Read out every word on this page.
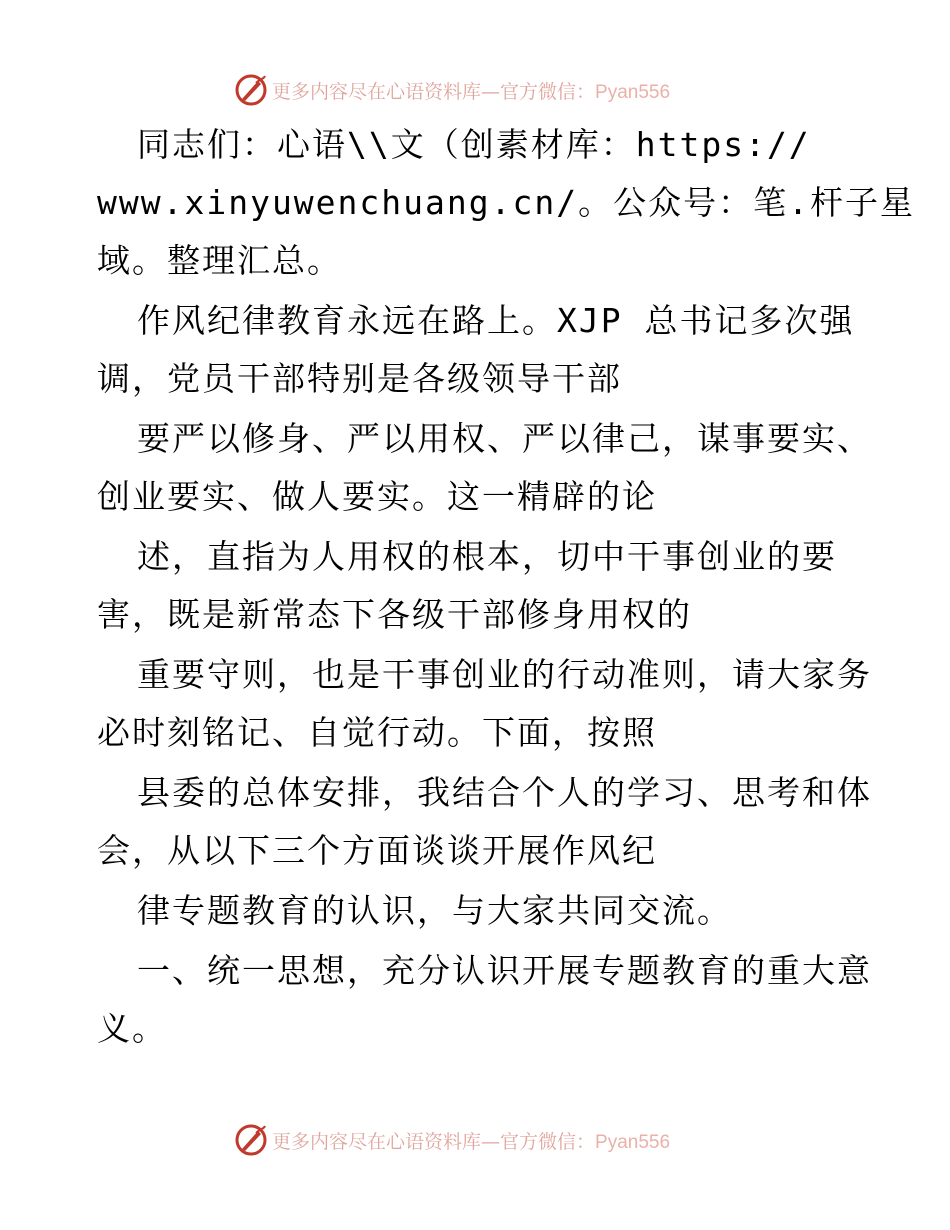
更多内容尽在心语资料库—官方微信：Pyan556
同志们：心语\\文（创素材库：https://
www.xinyuwenchuang.cn/。公众号：笔.杆子星
域。整理汇总。
作风纪律教育永远在路上。XJP 总书记多次强
调，党员干部特别是各级领导干部
要严以修身、严以用权、严以律己，谋事要实、
创业要实、做人要实。这一精辟的论
述，直指为人用权的根本，切中干事创业的要
害，既是新常态下各级干部修身用权的
重要守则，也是干事创业的行动准则，请大家务
必时刻铭记、自觉行动。下面，按照
县委的总体安排，我结合个人的学习、思考和体
会，从以下三个方面谈谈开展作风纪
律专题教育的认识，与大家共同交流。
一、统一思想，充分认识开展专题教育的重大意
义。
更多内容尽在心语资料库—官方微信：Pyan556
